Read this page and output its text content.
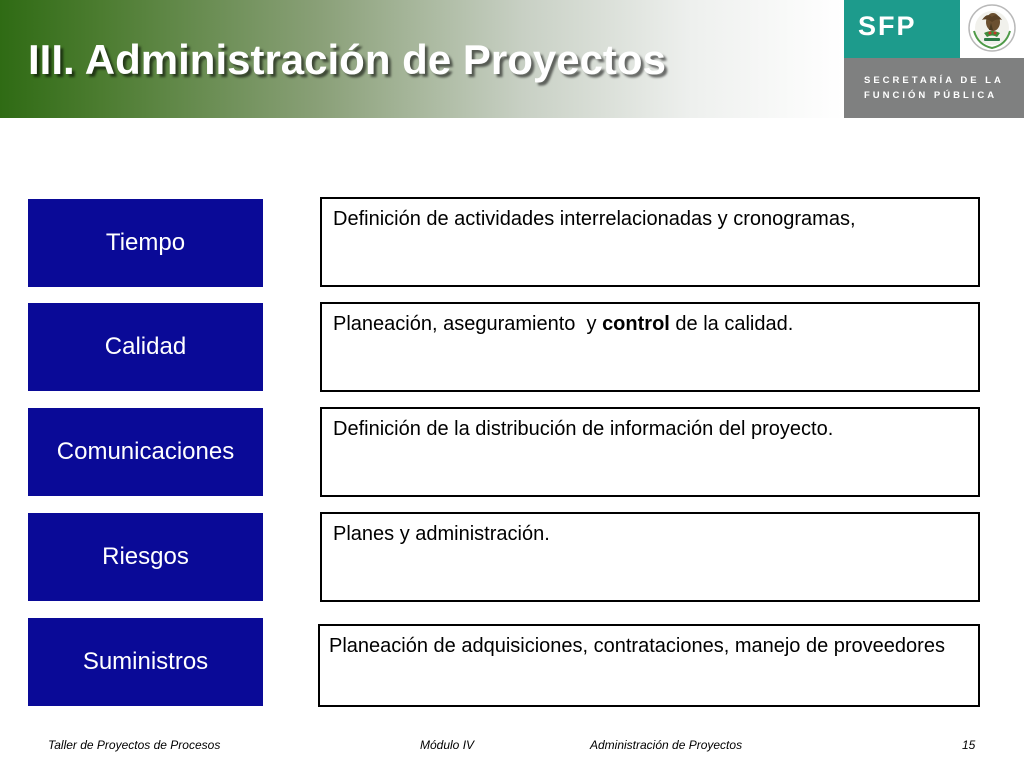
III. Administración de Proyectos
SFP
SECRETARÍA DE LA
FUNCIÓN PÚBLICA
Tiempo
Definición de actividades interrelacionadas y cronogramas,
Calidad
Planeación, aseguramiento  y control de la calidad.
Comunicaciones
Definición de la distribución de información del proyecto.
Riesgos
Planes y administración.
Suministros
Planeación de adquisiciones, contrataciones, manejo de proveedores
Taller de Proyectos de Procesos	Módulo IV	Administración de Proyectos	15
